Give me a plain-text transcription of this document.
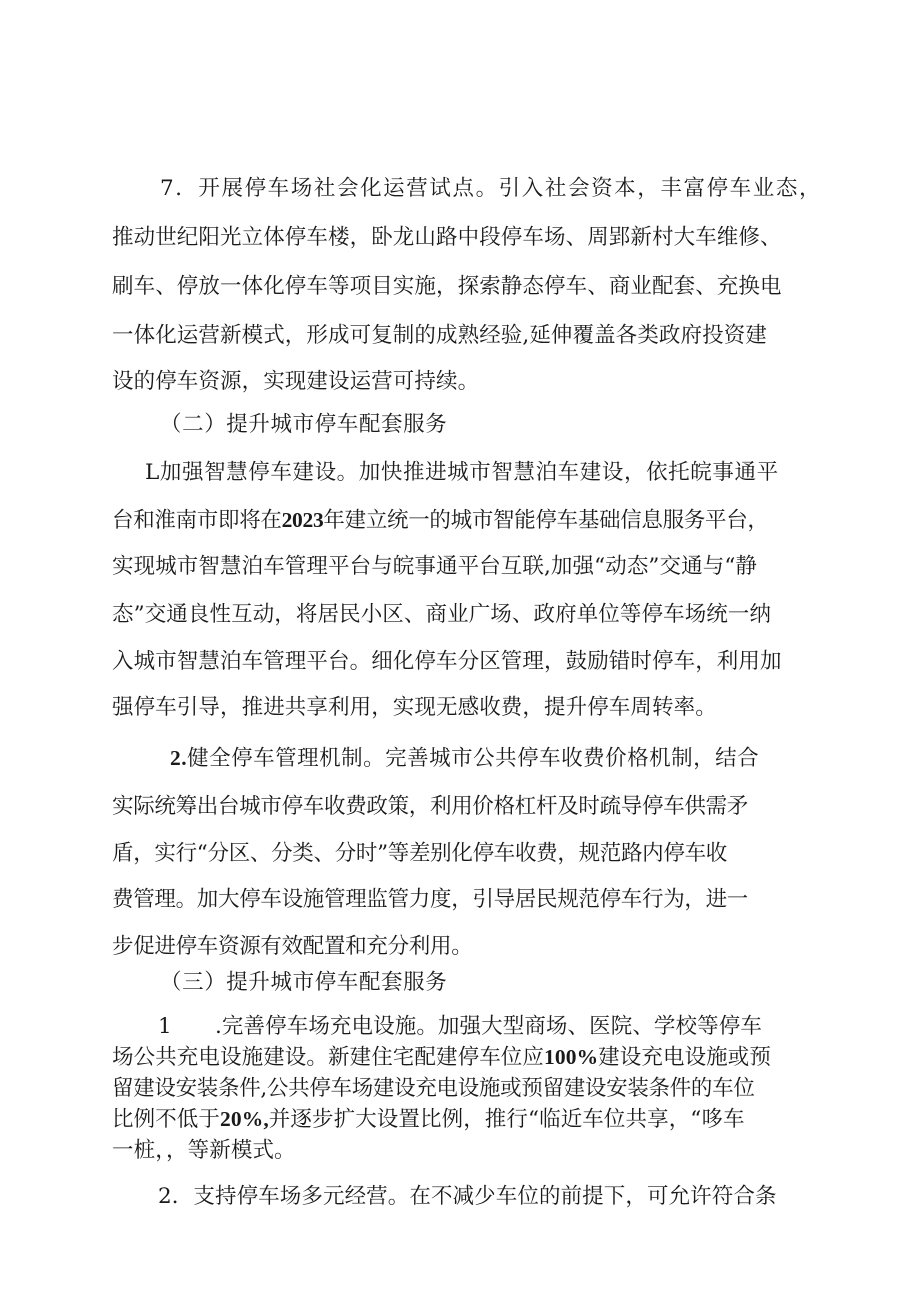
7．开展停车场社会化运营试点。引入社会资本，丰富停车业态，
推动世纪阳光立体停车楼，卧龙山路中段停车场、周郢新村大车维修、
刷车、停放一体化停车等项目实施，探索静态停车、商业配套、充换电
一体化运营新模式，形成可复制的成熟经验,延伸覆盖各类政府投资建
设的停车资源，实现建设运营可持续。
（二）提升城市停车配套服务
L加强智慧停车建设。加快推进城市智慧泊车建设，依托皖事通平
台和淮南市即将在2023年建立统一的城市智能停车基础信息服务平台，
实现城市智慧泊车管理平台与皖事通平台互联,加强“动态”交通与“静
态”交通良性互动，将居民小区、商业广场、政府单位等停车场统一纳
入城市智慧泊车管理平台。细化停车分区管理，鼓励错时停车，利用加
强停车引导，推进共享利用，实现无感收费，提升停车周转率。
2.健全停车管理机制。完善城市公共停车收费价格机制，结合
实际统筹出台城市停车收费政策，利用价格杠杆及时疏导停车供需矛
盾，实行“分区、分类、分时”等差别化停车收费，规范路内停车收
费管理。加大停车设施管理监管力度，引导居民规范停车行为，进一
步促进停车资源有效配置和充分利用。
（三）提升城市停车配套服务
1　　.完善停车场充电设施。加强大型商场、医院、学校等停车
场公共充电设施建设。新建住宅配建停车位应100%建设充电设施或预
留建设安装条件,公共停车场建设充电设施或预留建设安装条件的车位
比例不低于20%,并逐步扩大设置比例，推行“临近车位共享，“哆车
一桩，，等新模式。
2．支持停车场多元经营。在不减少车位的前提下，可允许符合条
